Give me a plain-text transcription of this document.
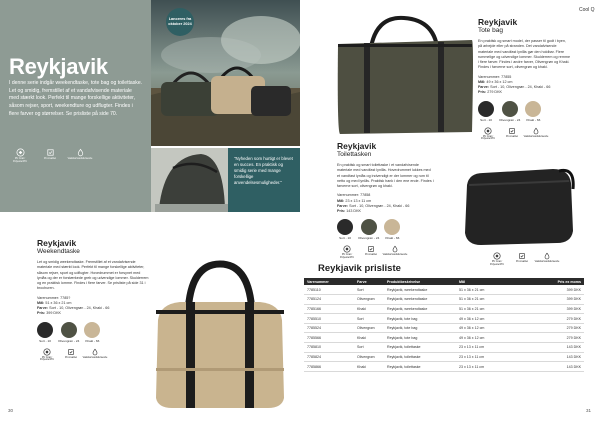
Reykjavik
I denne serie indgår weekendtaske, tote bag og toilettaske. Let og smidig, fremstillet af et vandafvisende materiale med stærkt look. Perfekt til mange forskellige aktiviteter, såsom rejser, sport, weekendture og udflugter. Findes i flere farver og størrelser. Se prisliste på side 70.
PU Coat / Polyester/PU
Pro-kvalitet	Vaskbar/vandafvisende
Lanceres fra oktober 2024
"Nyheden som hurtigt er blevet en succes. En praktisk og smidig serie med mange forskellige anvendelsesmuligheder."
Reykjavik
Weekendtaske
Let og smidig weekendtaske. Fremstillet af et vandafvisende materiale med stærkt look. Perfekt til mange forskellige aktiviteter, såsom rejser, sport og udflugter. Hovedrummet er forsynet med lynlås og der er forstærkede greb og udvendige lommer. Skulderrem og en praktisk lomme. Findes i flere farver. Se prisliste på side 31 i brochuren.
Varenummer: 7785?
Mål: 51 x 36 x 21 cm
Farve: Sort - 10, Olivengrøn - 24, Khaki - 66
Pris: 399 DKK
Sort - 10 Olivengrøn - 24 Khaki - 66
PU Coat / Polyester/PU
Pro-kvalitet Vaskbar/vandafvisende
30
Cool Q
Reykjavik
Tote bag
En praktisk og smart model, der passer til godt i byen, på arbejde eller på stranden. Det vandafvisende materiale med vandfast lynlås gør den holdbar. Flere rummelige og udvendige lommer. Skulderrem og remme i flere farver. Findes i andre farver, Olivengrøn og Khaki. Findes i farverne sort, olivengrøn og khaki.
Varenummer: 77855
Mål: 49 x 36 x 12 cm
Farve: Sort - 10, Olivengrøn - 24, Khaki - 66
Pris: 279 DKK
Sort - 10 Olivengrøn - 24 Khaki - 66
PU Coat / Polyester/PU
Pro-kvalitet Vaskbar/vandafvisende
Reykjavik
Toilettasken
En praktisk og smart toilettaske i et vandafvisende materiale med vandfast lynlås. Hovedrummet lukkes med et vandfast lynlås og indvendigt er der lommer og rum til netto og med lynlås. Praktisk hank i den ene ende. Findes i farverne sort, olivengrøn og khaki.
Varenummer: 77858
Mål: 23 x 13 x 11 cm
Farve: Sort - 10, Olivengrøn - 24, Khaki - 66
Pris: 143 DKK
Sort - 10 Olivengrøn - 24 Khaki - 66
PU Coat / Polyester/PU
Pro-kvalitet Vaskbar/vandafvisende
Reykjavik prisliste
PU Coat / Polyester/PU
Pro-kvalitet	Vaskbar/vandafvisende
Varenummer	Farve	Produktbeskrivelse	Mål	Pris ex moms
7785110	Sort	Reykjavik, weekendtaske	51 x 36 x 21 cm	399 DKK
7785124	Olivengrøn	Reykjavik, weekendtaske	51 x 36 x 21 cm	399 DKK
7785166	Khaki	Reykjavik, weekendtaske	51 x 36 x 21 cm	399 DKK
7785510	Sort	Reykjavik, tote bag	49 x 36 x 12 cm	279 DKK
7785524	Olivengrøn	Reykjavik, tote bag	49 x 36 x 12 cm	279 DKK
7785566	Khaki	Reykjavik, tote bag	49 x 36 x 12 cm	279 DKK
7785810	Sort	Reykjavik, toilettaske	23 x 13 x 11 cm	143 DKK
7785824	Olivengrøn	Reykjavik, toilettaske	23 x 13 x 11 cm	143 DKK
7785866	Khaki	Reykjavik, toilettaske	23 x 13 x 11 cm	143 DKK
31
